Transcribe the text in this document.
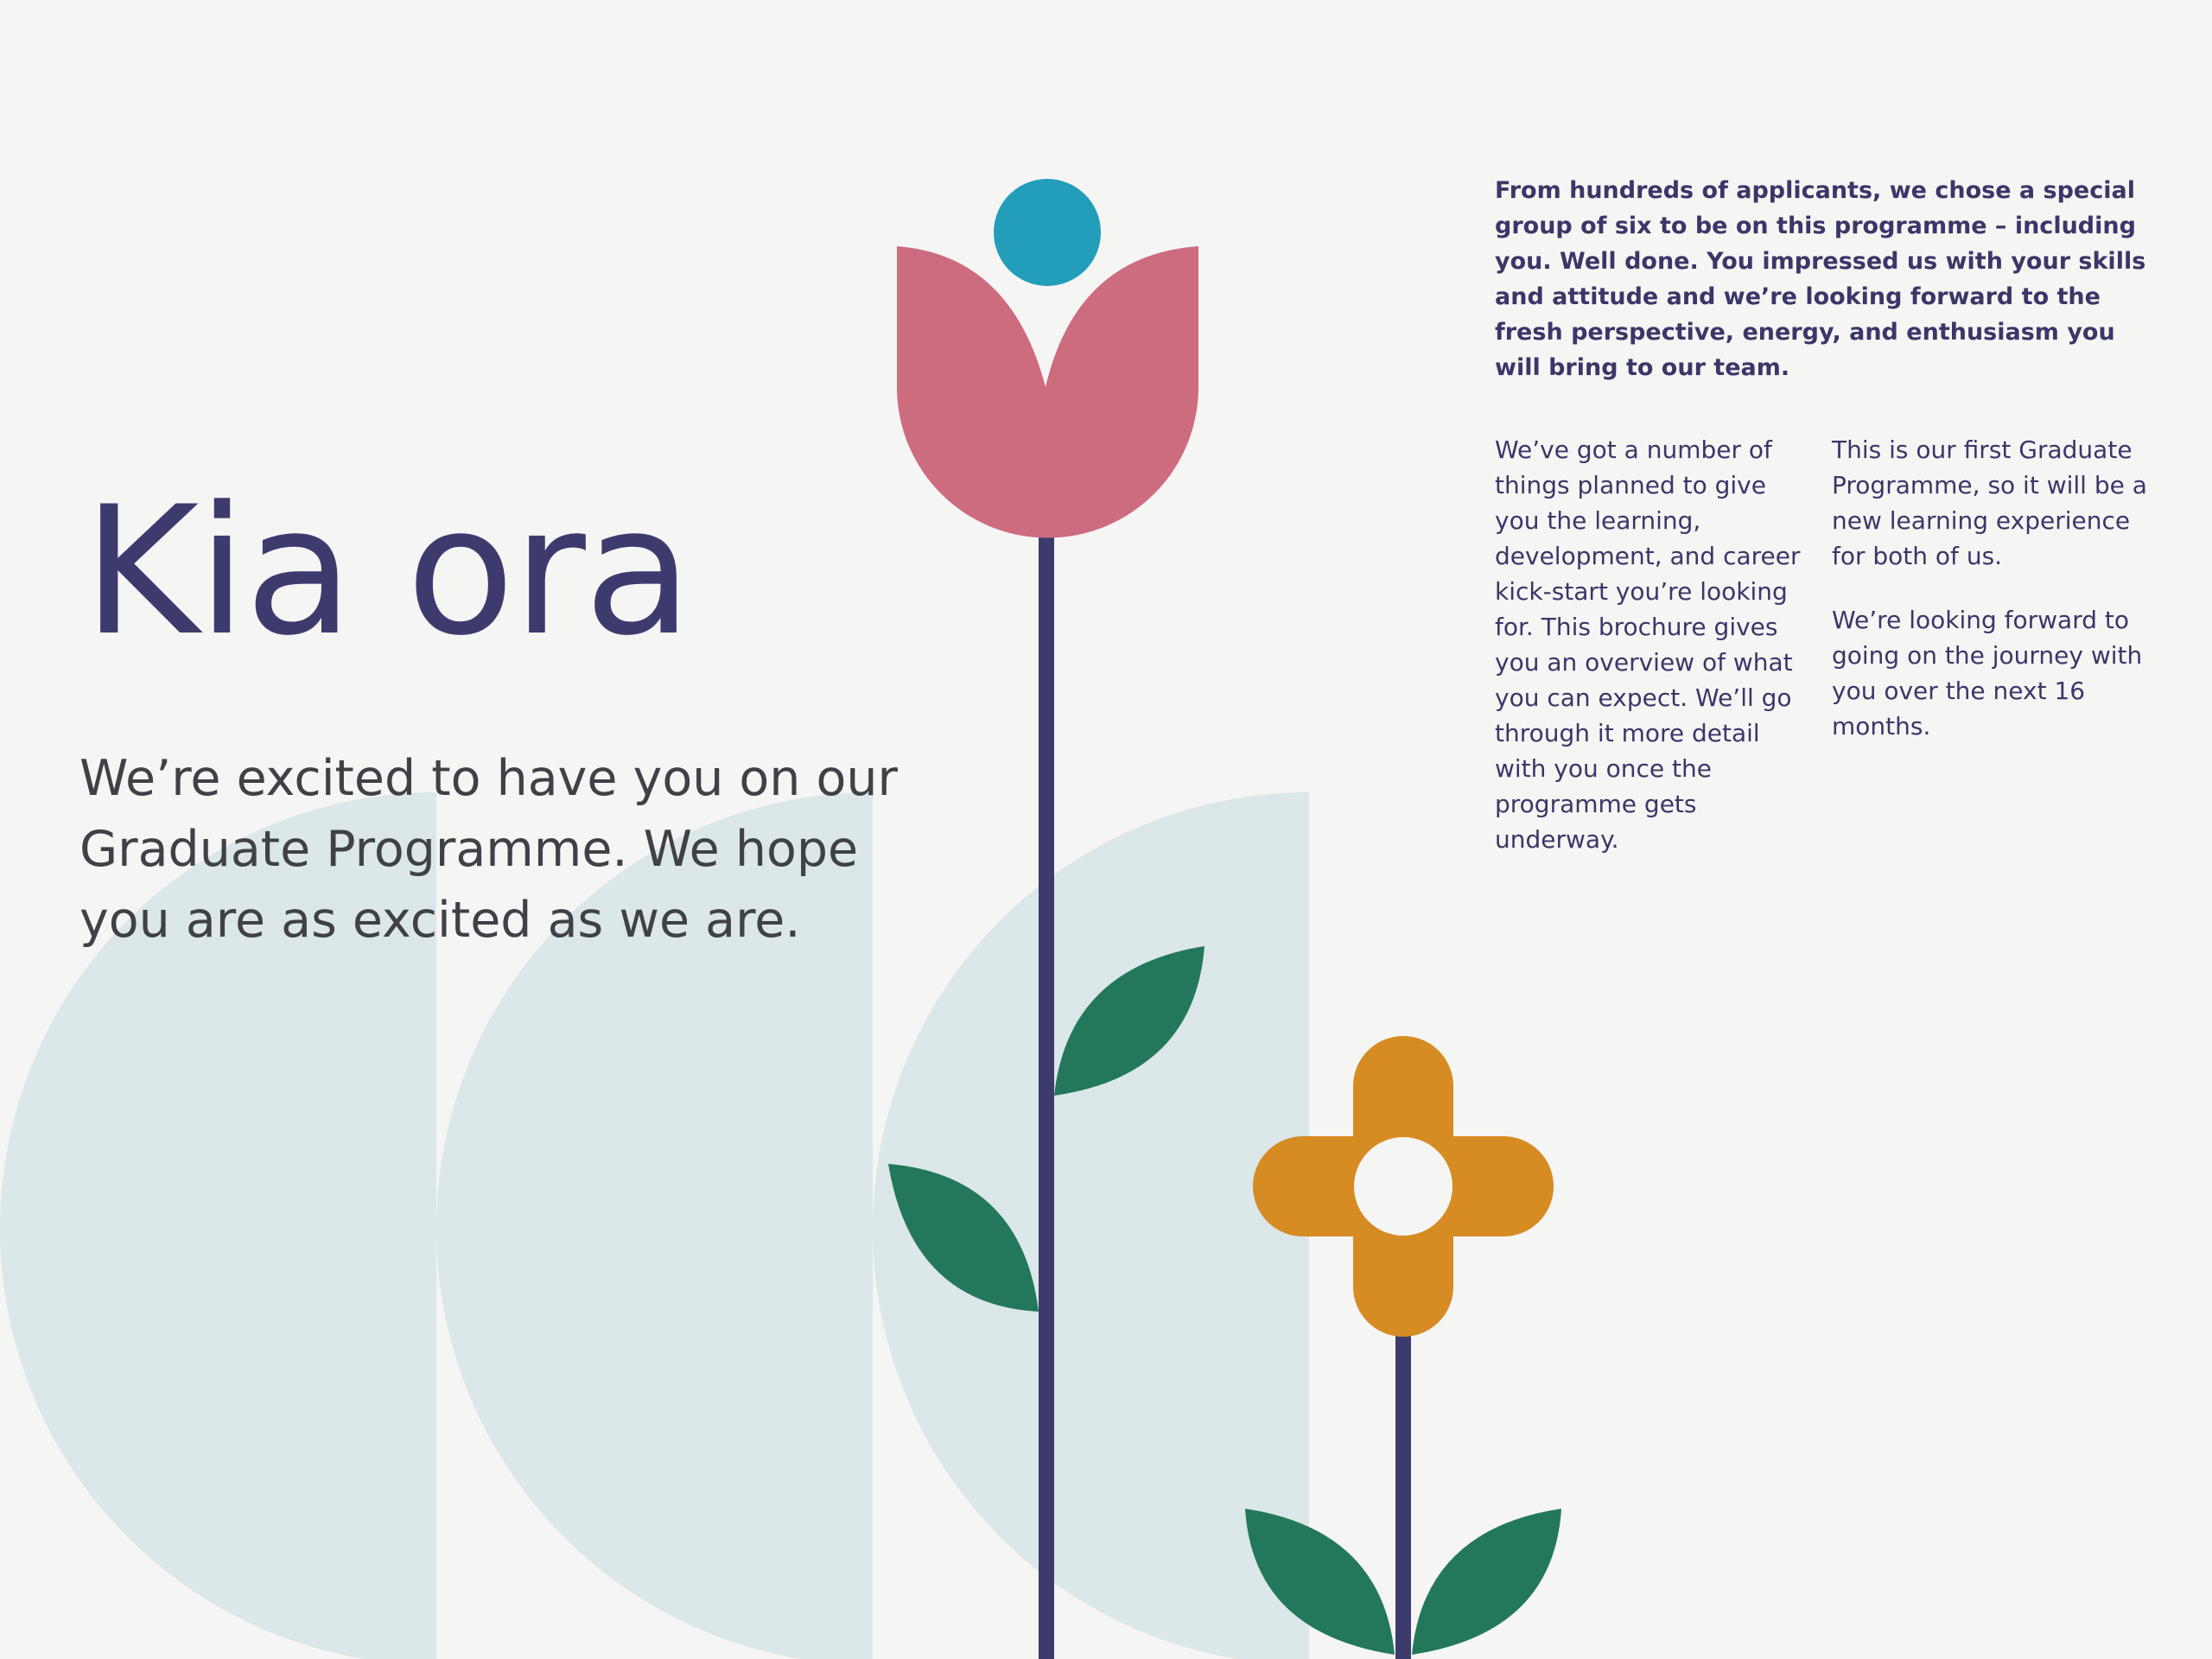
Kia ora

We’re excited to have you on our Graduate Programme. We hope you are as excited as we are.

From hundreds of applicants, we chose a special group of six to be on this programme – including you. Well done. You impressed us with your skills and attitude and we’re looking forward to the fresh perspective, energy, and enthusiasm you will bring to our team.

We’ve got a number of things planned to give you the learning, development, and career kick-start you’re looking for. This brochure gives you an overview of what you can expect. We’ll go through it more detail with you once the programme gets underway.

This is our first Graduate Programme, so it will be a new learning experience for both of us.

We’re looking forward to going on the journey with you over the next 16 months.
